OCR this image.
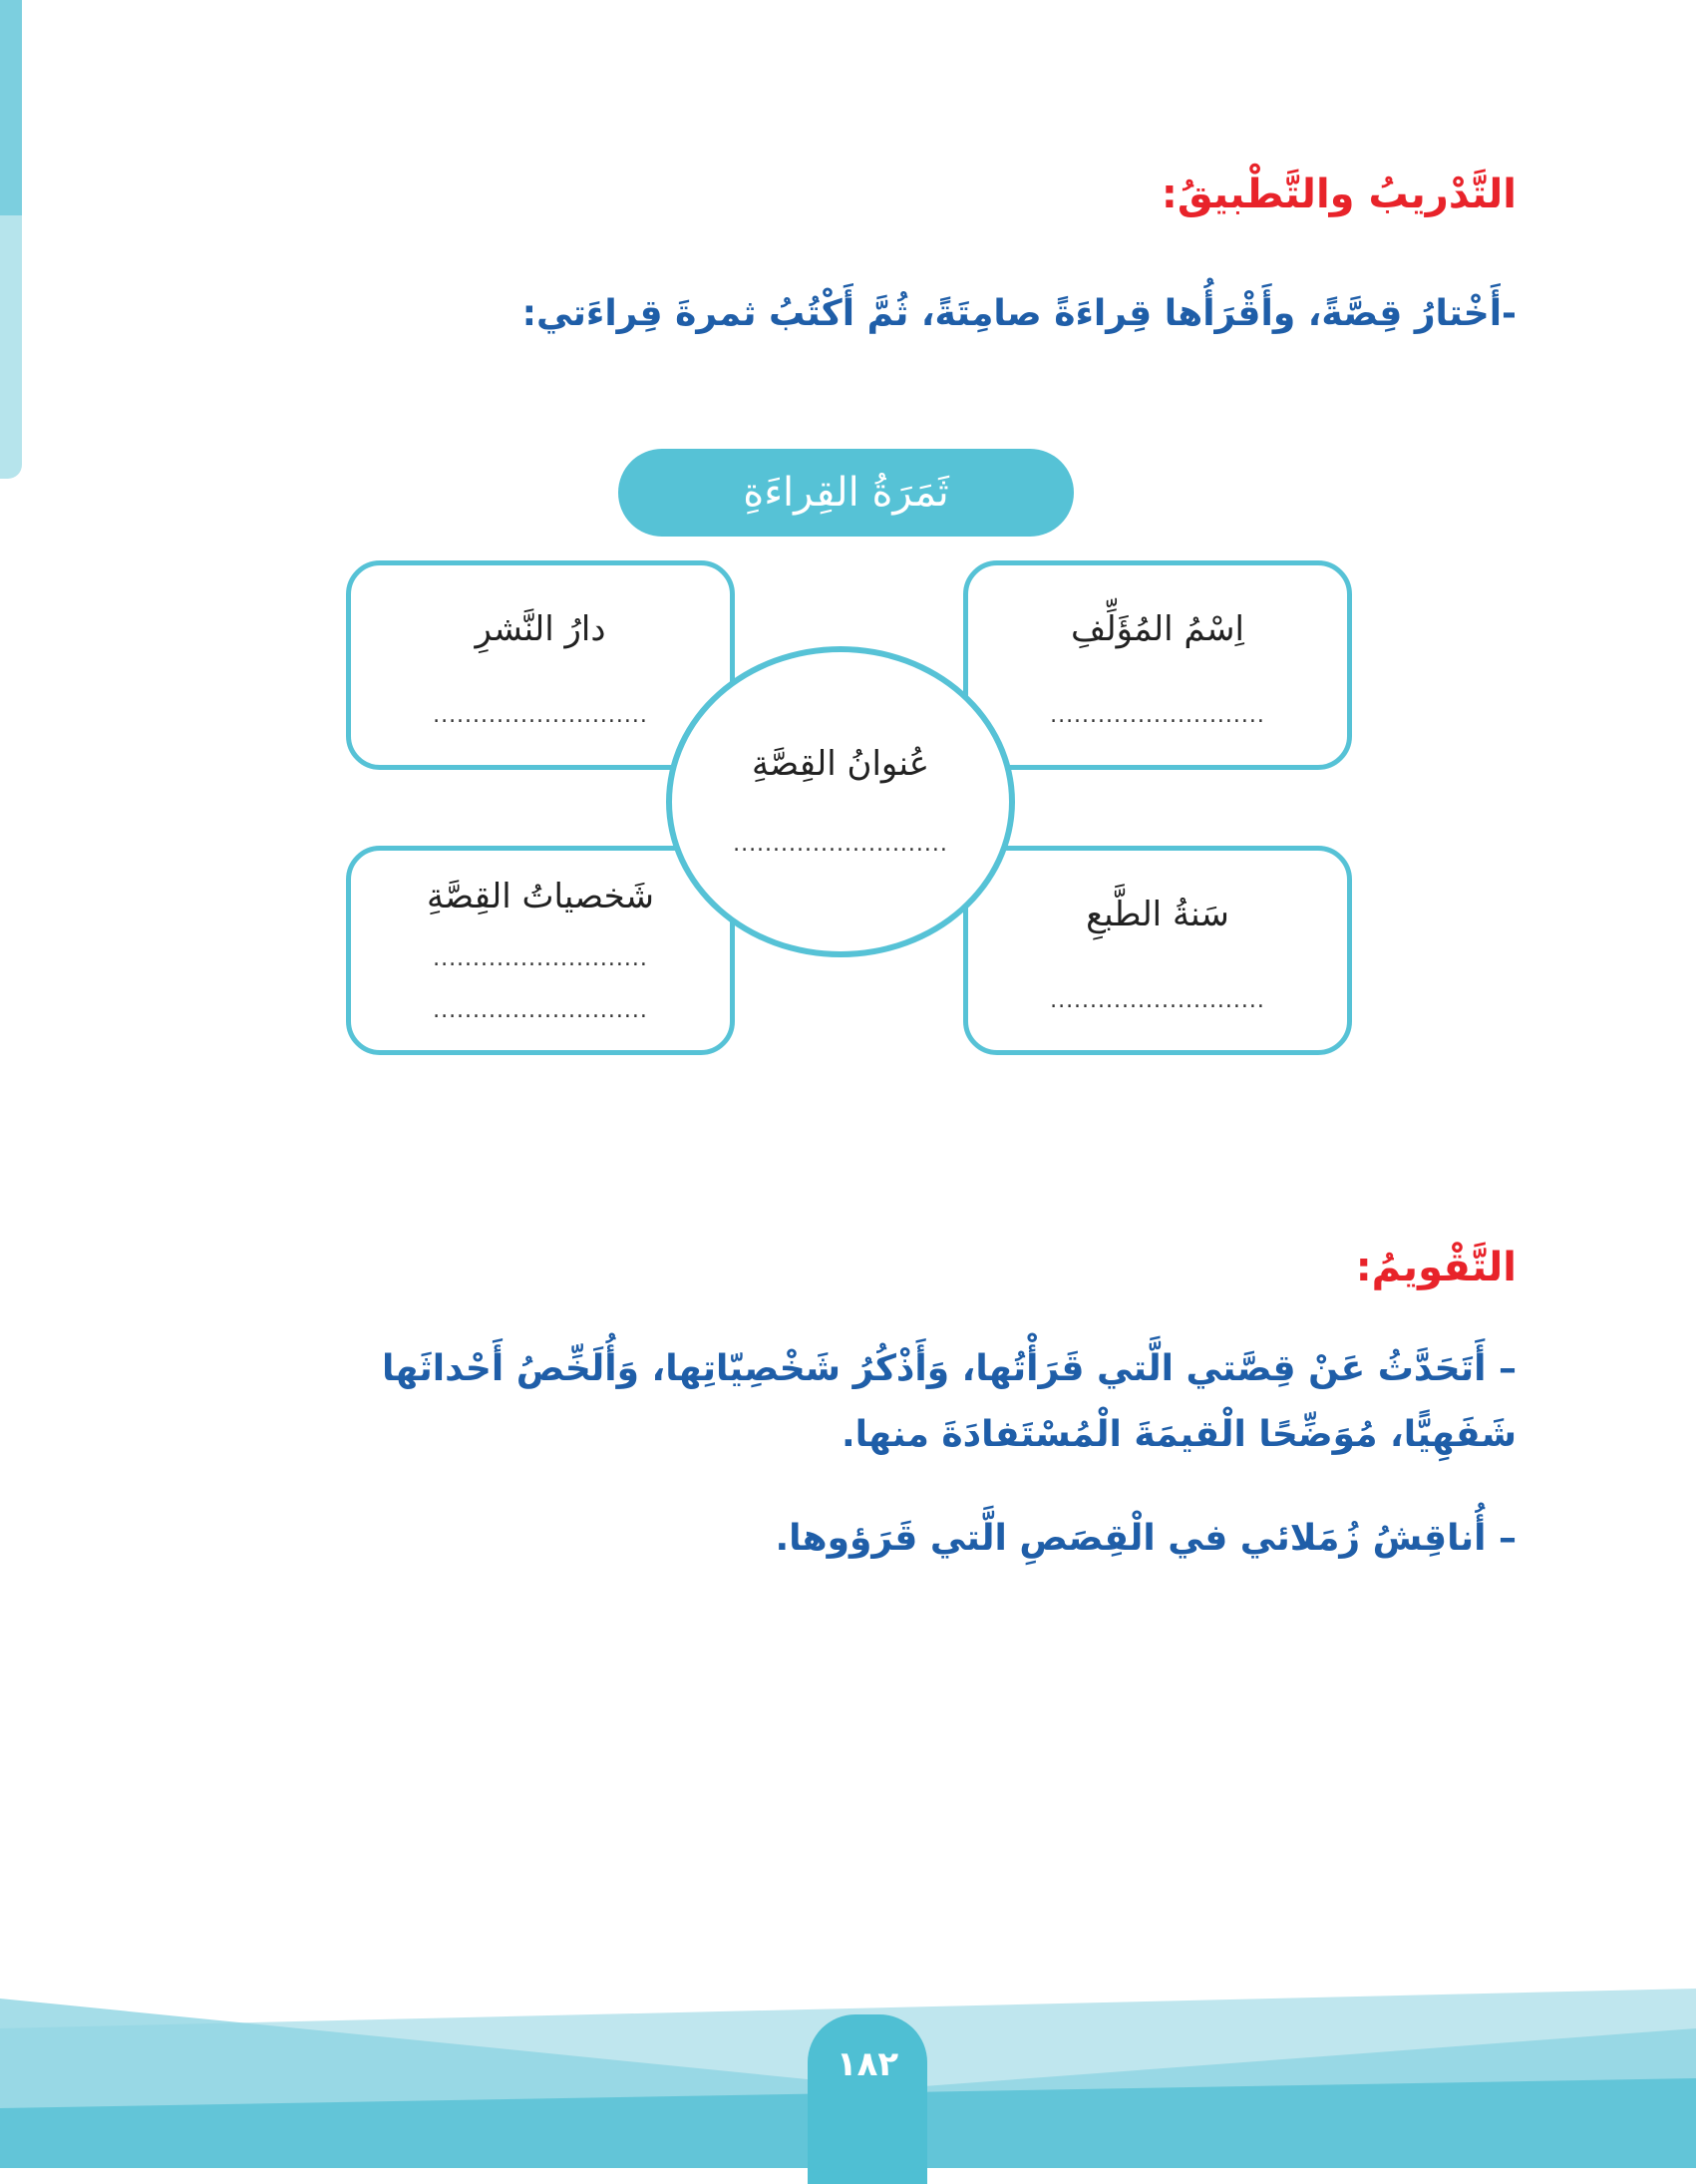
التَّدْريبُ والتَّطْبيقُ:
-أَخْتارُ قِصَّةً، وأَقْرَأُها قِراءَةً صامِتَةً، ثُمَّ أَكْتُبُ ثمرةَ قِراءَتي:
ثَمَرَةُ القِراءَةِ
اِسْمُ المُؤَلِّفِ
...........................
دارُ النَّشرِ
...........................
سَنةُ الطَّبعِ
...........................
شَخصياتُ القِصَّةِ
...........................
...........................
عُنوانُ القِصَّةِ
...........................
التَّقْويمُ:
– أَتَحَدَّثُ عَنْ قِصَّتي الَّتي قَرَأْتُها، وَأَذْكُرُ شَخْصِيّاتِها، وَأُلَخِّصُ أَحْداثَها شَفَهِيًّا، مُوَضِّحًا الْقيمَةَ الْمُسْتَفادَةَ منها.
– أُناقِشُ زُمَلائي في الْقِصَصِ الَّتي قَرَؤوها.
١٨٢
